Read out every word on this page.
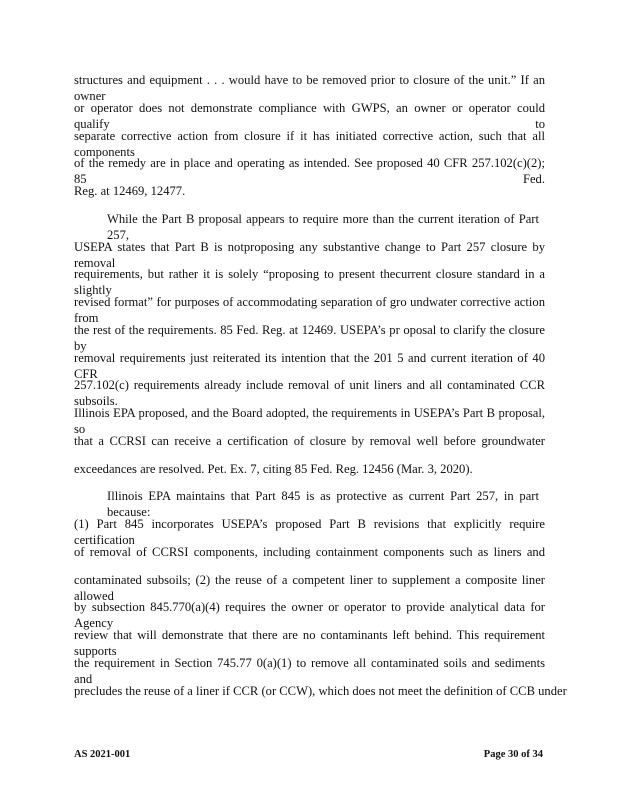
AS 2021-001	Page 30 of 34
structures and equipment . . . would have to be removed prior to closure of the unit.” If an owner
or operator does not demonstrate compliance with GWPS, an owner or operator could qualify to
separate corrective action from closure if it has initiated corrective action, such that all components
of the remedy are in place and operating as intended. See proposed 40 CFR 257.102(c)(2); 85 Fed.
Reg. at 12469, 12477.
While the Part B proposal appears to require more than the current iteration of Part 257,
USEPA states that Part B is notproposing any substantive change to Part 257 closure by removal
requirements, but rather it is solely “proposing to present thecurrent closure standard in a slightly
revised format” for purposes of accommodating separation of gro undwater corrective action from
the rest of the requirements. 85 Fed. Reg. at 12469. USEPA’s pr oposal to clarify the closure by
removal requirements just reiterated its intention that the 201 5 and current iteration of 40 CFR
257.102(c) requirements already include removal of unit liners and all contaminated CCR subsoils.
Illinois EPA proposed, and the Board adopted, the requirements in USEPA’s Part B proposal, so
that a CCRSI can receive a certification of closure by removal well before groundwater
exceedances are resolved. Pet. Ex. 7, citing 85 Fed. Reg. 12456 (Mar. 3, 2020).
Illinois EPA maintains that Part 845 is as protective as current Part 257, in part because:
(1) Part 845 incorporates USEPA’s proposed Part B revisions that explicitly require certification
of removal of CCRSI components, including containment components such as liners and
contaminated subsoils; (2) the reuse of a competent liner to supplement a composite liner allowed
by subsection 845.770(a)(4) requires the owner or operator to provide analytical data for Agency
review that will demonstrate that there are no contaminants left behind. This requirement supports
the requirement in Section 745.77 0(a)(1) to remove all contaminated soils and sediments and
precludes the reuse of a liner if CCR (or CCW), which does not meet the definition of CCB under
